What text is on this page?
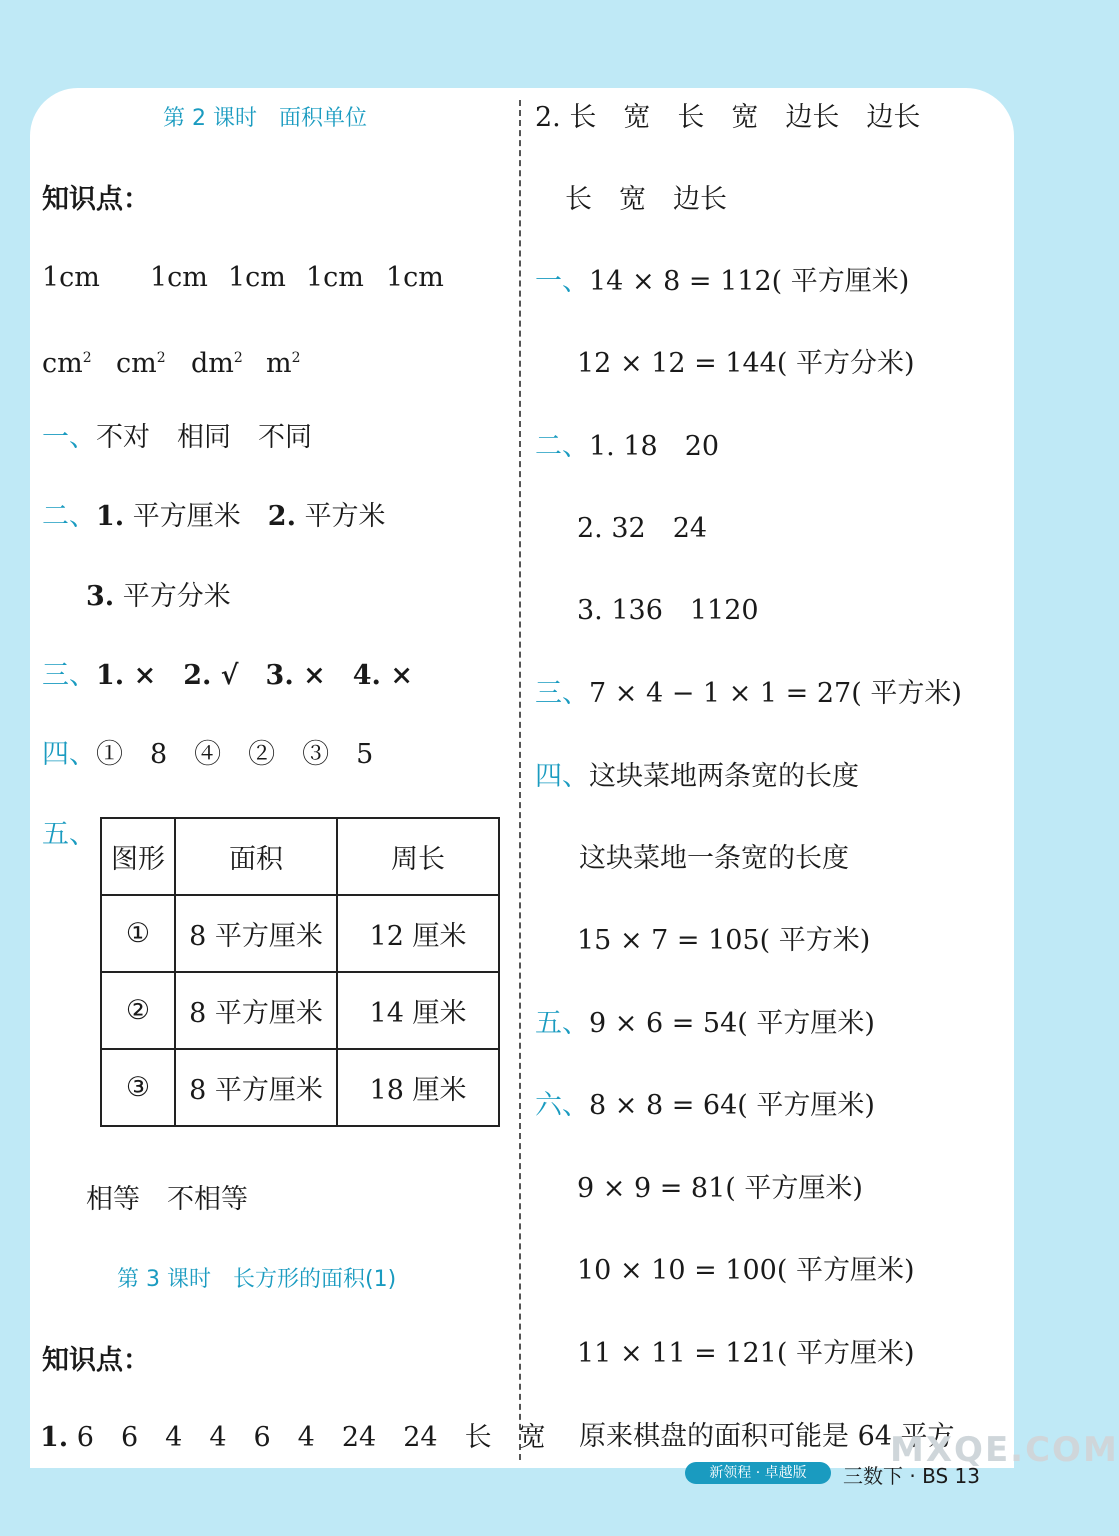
第 2 课时　面积单位
知识点：
1cm 1cm 1cm 1cm 1cm
$cm^2$ $cm^2$ $dm^2$ $m^2$
一、不对　相同　不同
二、1. 平方厘米　 2. 平方米
3. 平方分米
三、1. ×　2. √　3. ×　4. ×
四、①　8　④　②　③　5
五、
图形	面积	周长
①	8 平方厘米	12 厘米
②	8 平方厘米	14 厘米
③	8 平方厘米	18 厘米
相等　不相等
第 3 课时　长方形的面积(1)
知识点：
1. 6　6　4　4　6　4　24　24　长　宽
2. 长　宽　长　宽　边长　边长
长　宽　边长
一、14 × 8 = 112( 平方厘米)
12 × 12 = 144( 平方分米)
二、1. 18　20
2. 32　24
3. 136　1120
三、7 × 4 − 1 × 1 = 27( 平方米)
四、这块菜地两条宽的长度
这块菜地一条宽的长度
15 × 7 = 105( 平方米)
五、9 × 6 = 54( 平方厘米)
六、8 × 8 = 64( 平方厘米)
9 × 9 = 81( 平方厘米)
10 × 10 = 100( 平方厘米)
11 × 11 = 121( 平方厘米)
原来棋盘的面积可能是 64 平方
MXQE.COM
新领程 · 卓越版	三数下 · BS 13
